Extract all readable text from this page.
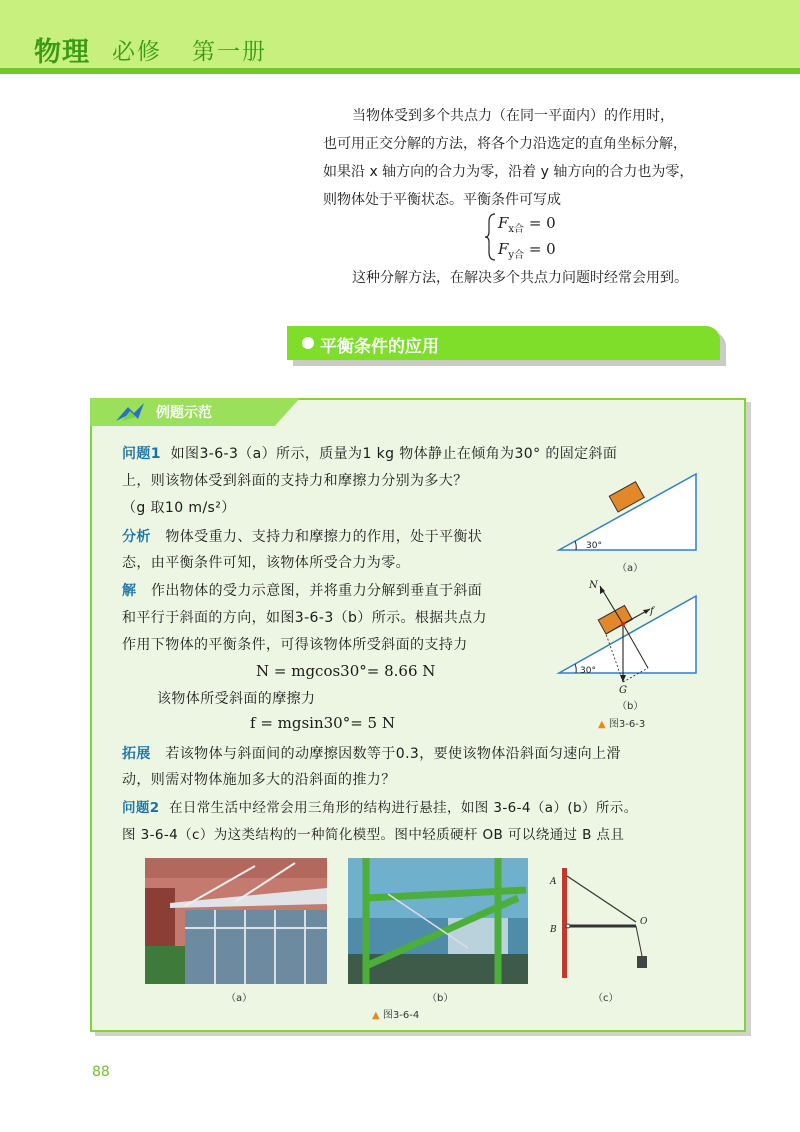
物理 必修 第一册
当物体受到多个共点力（在同一平面内）的作用时，
也可用正交分解的方法，将各个力沿选定的直角坐标分解，
如果沿 x 轴方向的合力为零，沿着 y 轴方向的合力也为零，
则物体处于平衡状态。平衡条件可写成
$F_{x合} = 0$
$F_{y合} = 0$
这种分解方法，在解决多个共点力问题时经常会用到。
平衡条件的应用
例题示范
问题1 如图3-6-3（a）所示，质量为1 kg 物体静止在倾角为30° 的固定斜面
上，则该物体受到斜面的支持力和摩擦力分别为多大？
（g 取10 m/s²）
分析 物体受重力、支持力和摩擦力的作用，处于平衡状
态，由平衡条件可知，该物体所受合力为零。
解 作出物体的受力示意图，并将重力分解到垂直于斜面
和平行于斜面的方向，如图3-6-3（b）所示。根据共点力
作用下物体的平衡条件，可得该物体所受斜面的支持力
N = mgcos30°= 8.66 N
该物体所受斜面的摩擦力
f = mgsin30°= 5 N
拓展 若该物体与斜面间的动摩擦因数等于0.3，要使该物体沿斜面匀速向上滑
动，则需对物体施加多大的沿斜面的推力？
问题2 在日常生活中经常会用三角形的结构进行悬挂，如图 3-6-4（a）(b）所示。
图 3-6-4（c）为这类结构的一种简化模型。图中轻质硬杆 OB 可以绕通过 B 点且
30°
（a）
30°
N
f
G
（b）
▲ 图3-6-3
（a）	（b）
A
B
O
（c）
▲ 图3-6-4
88
